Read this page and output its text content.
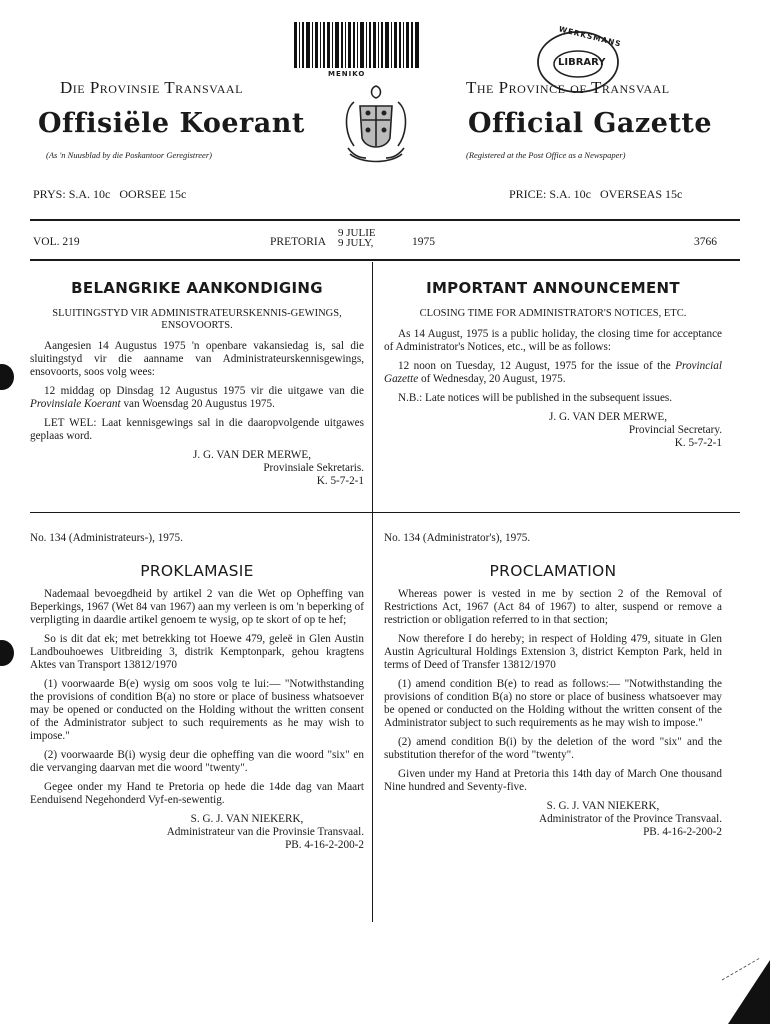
Die Provinsie Transvaal
Offisiële Koerant
(As 'n Nuusblad by die Poskantoor Geregistreer)
MENIKO
WERKSMANS
LIBRARY
The Province of Transvaal
Official Gazette
(Registered at the Post Office as a Newspaper)
PRYS: S.A. 10c   OORSEE 15c	PRICE: S.A. 10c   OVERSEAS 15c
VOL. 219	PRETORIA
9 JULIE
9 JULY,	1975	3766
BELANGRIKE AANKONDIGING
SLUITINGSTYD VIR ADMINISTRATEURSKENNIS-GEWINGS, ENSOVOORTS.

Aangesien 14 Augustus 1975 'n openbare vakansiedag is, sal die sluitingstyd vir die aanname van Administrateurskennisgewings, ensovoorts, soos volg wees:

12 middag op Dinsdag 12 Augustus 1975 vir die uitgawe van die Provinsiale Koerant van Woensdag 20 Augustus 1975.

LET WEL: Laat kennisgewings sal in die daaropvolgende uitgawes geplaas word.

J. G. VAN DER MERWE,
Provinsiale Sekretaris.
K. 5-7-2-1
IMPORTANT ANNOUNCEMENT
CLOSING TIME FOR ADMINISTRATOR'S NOTICES, ETC.

As 14 August, 1975 is a public holiday, the closing time for acceptance of Administrator's Notices, etc., will be as follows:

12 noon on Tuesday, 12 August, 1975 for the issue of the Provincial Gazette of Wednesday, 20 August, 1975.

N.B.: Late notices will be published in the subsequent issues.

J. G. VAN DER MERWE,
Provincial Secretary.
K. 5-7-2-1
No. 134 (Administrateurs-), 1975.
PROKLAMASIE

Nademaal bevoegdheid by artikel 2 van die Wet op Opheffing van Beperkings, 1967 (Wet 84 van 1967) aan my verleen is om 'n beperking of verpligting in daardie artikel genoem te wysig, op te skort of op te hef;

So is dit dat ek; met betrekking tot Hoewe 479, geleë in Glen Austin Landbouhoewes Uitbreiding 3, distrik Kemptonpark, gehou kragtens Aktes van Transport 13812/1970

(1) voorwaarde B(e) wysig om soos volg te lui:— "Notwithstanding the provisions of condition B(a) no store or place of business whatsoever may be opened or conducted on the Holding without the written consent of the Administrator subject to such requirements as he may wish to impose."

(2) voorwaarde B(i) wysig deur die opheffing van die woord "six" en die vervanging daarvan met die woord "twenty".

Gegee onder my Hand te Pretoria op hede die 14de dag van Maart Eenduisend Negehonderd Vyf-en-sewentig.

S. G. J. VAN NIEKERK,
Administrateur van die Provinsie Transvaal.
PB. 4-16-2-200-2
No. 134 (Administrator's), 1975.
PROCLAMATION

Whereas power is vested in me by section 2 of the Removal of Restrictions Act, 1967 (Act 84 of 1967) to alter, suspend or remove a restriction or obligation referred to in that section;

Now therefore I do hereby; in respect of Holding 479, situate in Glen Austin Agricultural Holdings Extension 3, district Kempton Park, held in terms of Deed of Transfer 13812/1970

(1) amend condition B(e) to read as follows:— "Notwithstanding the provisions of condition B(a) no store or place of business whatsoever may be opened or conducted on the Holding without the written consent of the Administrator subject to such requirements as he may wish to impose."

(2) amend condition B(i) by the deletion of the word "six" and the substitution therefor of the word "twenty".

Given under my Hand at Pretoria this 14th day of March One thousand Nine hundred and Seventy-five.

S. G. J. VAN NIEKERK,
Administrator of the Province Transvaal.
PB. 4-16-2-200-2
